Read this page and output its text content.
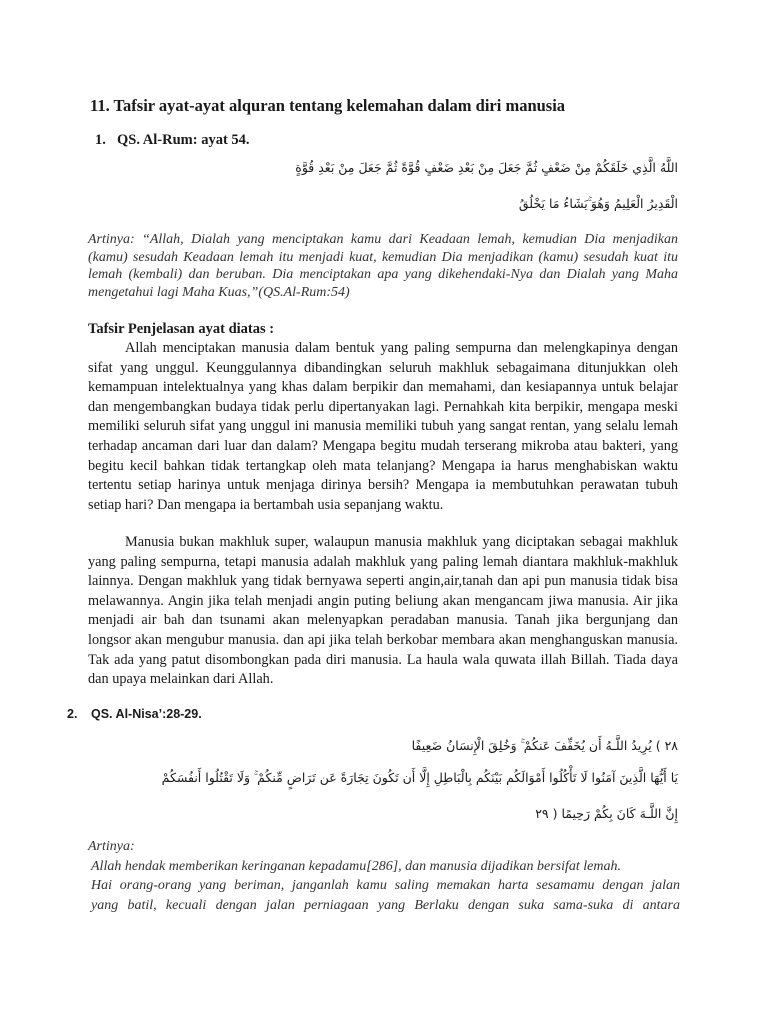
11. Tafsir ayat-ayat alquran tentang kelemahan dalam diri manusia
1. QS. Al-Rum: ayat 54.
اللَّهُ الَّذِي خَلَقَكُمْ مِنْ ضَعْفٍ ثُمَّ جَعَلَ مِنْ بَعْدِ ضَعْفٍ قُوَّةً ثُمَّ جَعَلَ مِنْ بَعْدِ قُوَّةٍ
الْقَدِيرُ الْعَلِيمُ وَهُوَ ۚيَشَاءُ مَا يَخْلُقُ
Artinya: “Allah, Dialah yang menciptakan kamu dari Keadaan lemah, kemudian Dia menjadikan (kamu) sesudah Keadaan lemah itu menjadi kuat, kemudian Dia menjadikan (kamu) sesudah kuat itu lemah (kembali) dan beruban. Dia menciptakan apa yang dikehendaki-Nya dan Dialah yang Maha mengetahui lagi Maha Kuas,”(QS.Al-Rum:54)
Tafsir Penjelasan ayat diatas :
Allah menciptakan manusia dalam bentuk yang paling sempurna dan melengkapinya dengan sifat yang unggul. Keunggulannya dibandingkan seluruh makhluk sebagaimana ditunjukkan oleh kemampuan intelektualnya yang khas dalam berpikir dan memahami, dan kesiapannya untuk belajar dan mengembangkan budaya tidak perlu dipertanyakan lagi. Pernahkah kita berpikir, mengapa meski memiliki seluruh sifat yang unggul ini manusia memiliki tubuh yang sangat rentan, yang selalu lemah terhadap ancaman dari luar dan dalam? Mengapa begitu mudah terserang mikroba atau bakteri, yang begitu kecil bahkan tidak tertangkap oleh mata telanjang? Mengapa ia harus menghabiskan waktu tertentu setiap harinya untuk menjaga dirinya bersih? Mengapa ia membutuhkan perawatan tubuh setiap hari? Dan mengapa ia bertambah usia sepanjang waktu.
Manusia bukan makhluk super, walaupun manusia makhluk yang diciptakan sebagai makhluk yang paling sempurna, tetapi manusia adalah makhluk yang paling lemah diantara makhluk-makhluk lainnya. Dengan makhluk yang tidak bernyawa seperti angin,air,tanah dan api pun manusia tidak bisa melawannya. Angin jika telah menjadi angin puting beliung akan mengancam jiwa manusia. Air jika menjadi air bah dan tsunami akan melenyapkan peradaban manusia. Tanah jika bergunjang dan longsor akan mengubur manusia. dan api jika telah berkobar membara akan menghanguskan manusia. Tak ada yang patut disombongkan pada diri manusia. La haula wala quwata illah Billah. Tiada daya dan upaya melainkan dari Allah.
2. QS. Al-Nisa’:28-29.
٢٨ ) يُرِيدُ اللَّـهُ أَن يُخَفِّفَ عَنكُمْ ۚ وَخُلِقَ الْإِنسَانُ ضَعِيفًا
يَا أَيُّهَا الَّذِينَ آمَنُوا لَا تَأْكُلُوا أَمْوَالَكُم بَيْنَكُم بِالْبَاطِلِ إِلَّا أَن تَكُونَ تِجَارَةً عَن تَرَاضٍ مِّنكُمْ ۚ وَلَا تَقْتُلُوا أَنفُسَكُمْ
إِنَّ اللَّـهَ كَانَ بِكُمْ رَحِيمًا ( ٢٩
Artinya:
Allah hendak memberikan keringanan kepadamu[286], dan manusia dijadikan bersifat lemah.
Hai orang-orang yang beriman, janganlah kamu saling memakan harta sesamamu dengan jalan
yang batil, kecuali dengan jalan perniagaan yang Berlaku dengan suka sama-suka di antara
